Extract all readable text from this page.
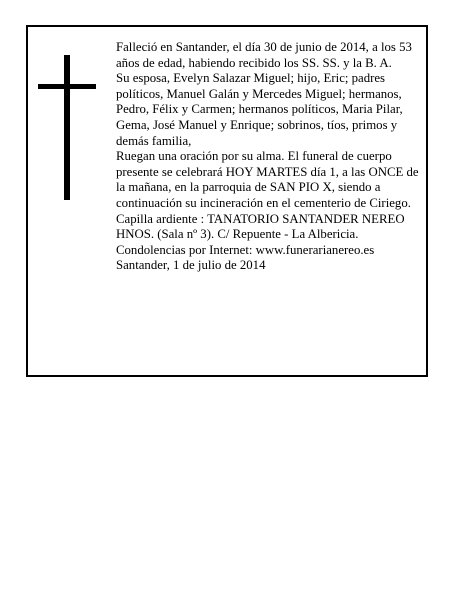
Falleció en Santander, el día 30 de junio de 2014, a los 53 años de edad, habiendo recibido los SS. SS. y la B. A.

Su esposa, Evelyn Salazar Miguel; hijo, Eric; padres políticos, Manuel Galán y Mercedes Miguel; hermanos, Pedro, Félix y Carmen; hermanos políticos, Maria Pilar, Gema, José Manuel y Enrique; sobrinos, tíos, primos y demás familia,

Ruegan una oración por su alma. El funeral de cuerpo presente se celebrará HOY MARTES día 1, a las ONCE de la mañana, en la parroquia de SAN PIO X, siendo a continuación su incineración en el cementerio de Ciriego. Capilla ardiente : TANATORIO SANTANDER NEREO HNOS. (Sala nº 3). C/ Repuente - La Albericia.

Condolencias por Internet: www.funerarianereo.es

Santander, 1 de julio de 2014
